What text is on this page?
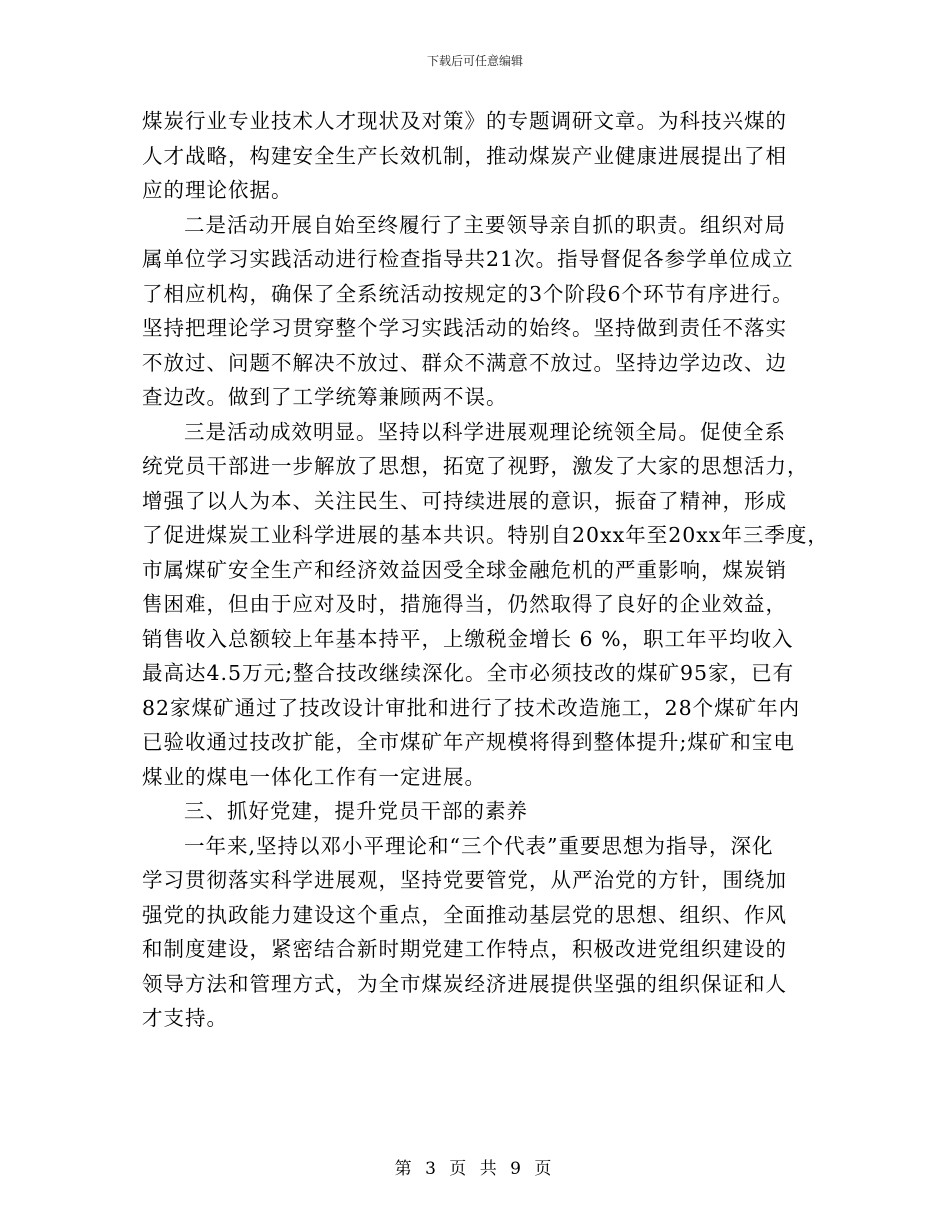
下载后可任意编辑
煤炭行业专业技术人才现状及对策》的专题调研文章。为科技兴煤的
人才战略，构建安全生产长效机制，推动煤炭产业健康进展提出了相
应的理论依据。
二是活动开展自始至终履行了主要领导亲自抓的职责。组织对局
属单位学习实践活动进行检查指导共21次。指导督促各参学单位成立
了相应机构，确保了全系统活动按规定的3个阶段6个环节有序进行。
坚持把理论学习贯穿整个学习实践活动的始终。坚持做到责任不落实
不放过、问题不解决不放过、群众不满意不放过。坚持边学边改、边
查边改。做到了工学统筹兼顾两不误。
三是活动成效明显。坚持以科学进展观理论统领全局。促使全系
统党员干部进一步解放了思想，拓宽了视野，激发了大家的思想活力，
增强了以人为本、关注民生、可持续进展的意识，振奋了精神，形成
了促进煤炭工业科学进展的基本共识。特别自20xx年至20xx年三季度，
市属煤矿安全生产和经济效益因受全球金融危机的严重影响，煤炭销
售困难，但由于应对及时，措施得当，仍然取得了良好的企业效益，
销售收入总额较上年基本持平，上缴税金增长 6 %，职工年平均收入
最高达4.5万元;整合技改继续深化。全市必须技改的煤矿95家，已有
82家煤矿通过了技改设计审批和进行了技术改造施工，28个煤矿年内
已验收通过技改扩能，全市煤矿年产规模将得到整体提升;煤矿和宝电
煤业的煤电一体化工作有一定进展。
三、抓好党建，提升党员干部的素养
一年来,坚持以邓小平理论和“三个代表”重要思想为指导，深化
学习贯彻落实科学进展观，坚持党要管党，从严治党的方针，围绕加
强党的执政能力建设这个重点，全面推动基层党的思想、组织、作风
和制度建设，紧密结合新时期党建工作特点，积极改进党组织建设的
领导方法和管理方式，为全市煤炭经济进展提供坚强的组织保证和人
才支持。
第 3 页 共 9 页
